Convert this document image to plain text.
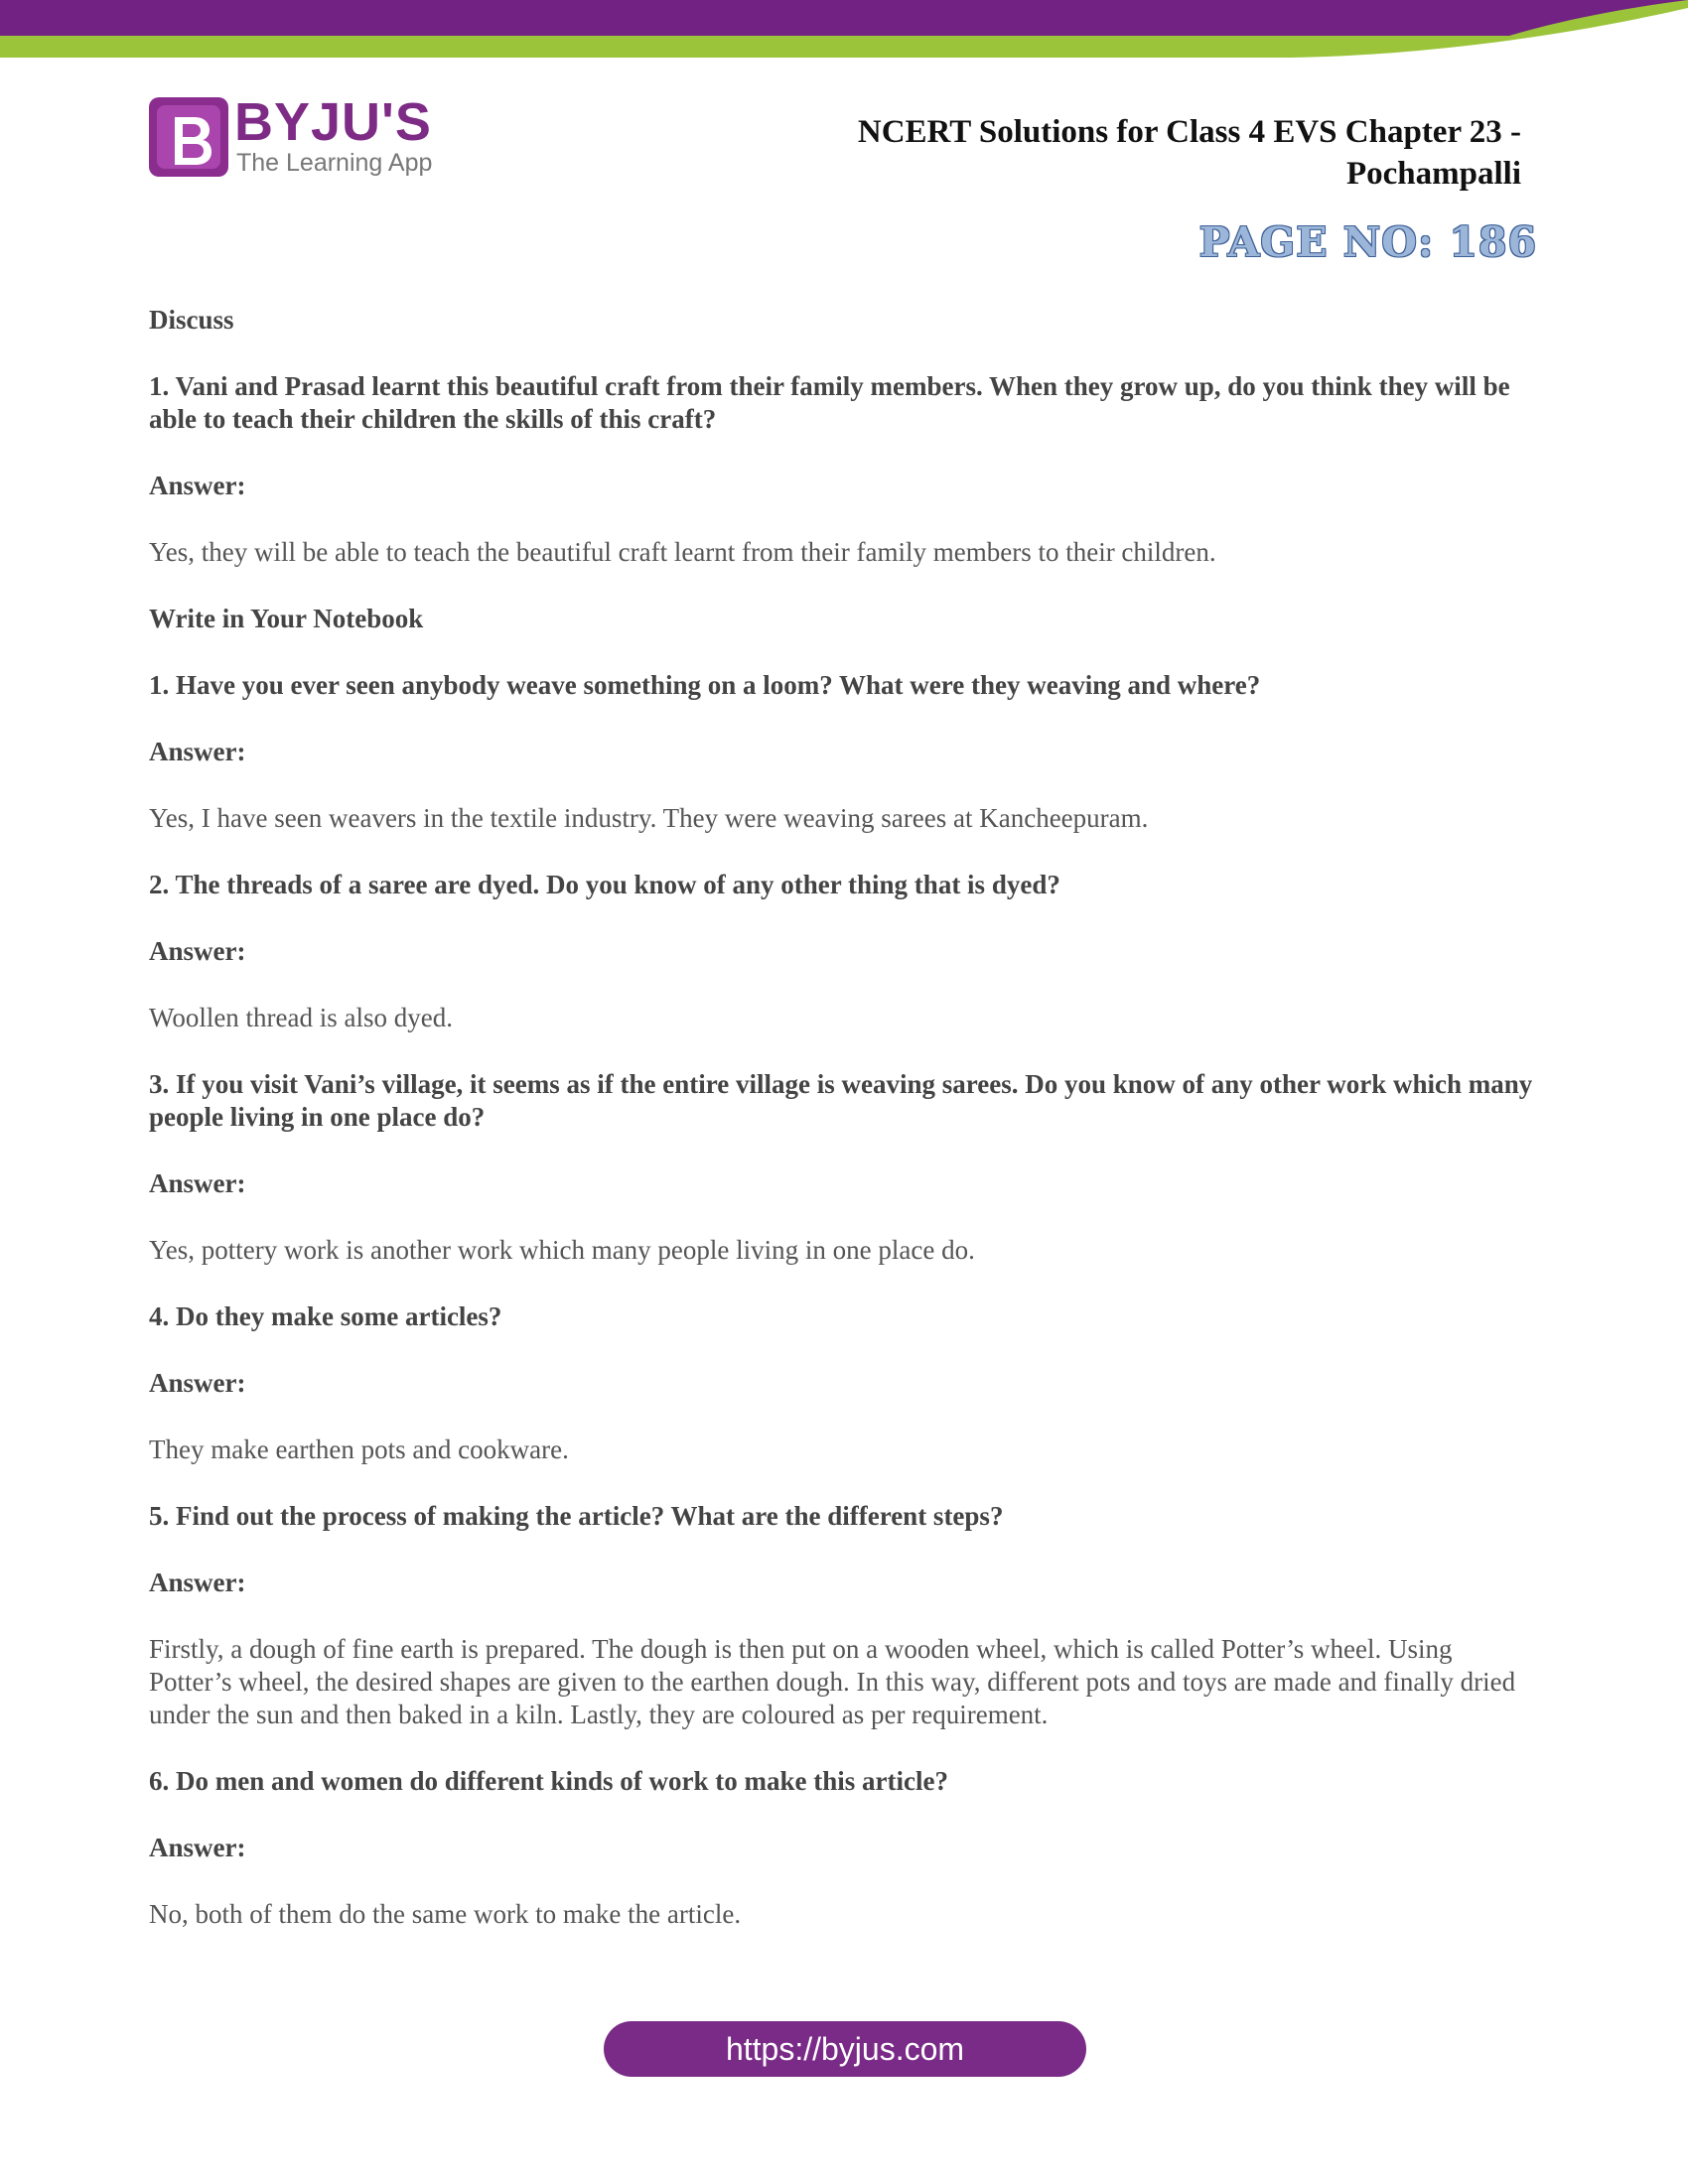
BYJU'S
The Learning App
NCERT Solutions for Class 4 EVS Chapter 23 -
Pochampalli
PAGE NO: 186

Discuss

1. Vani and Prasad learnt this beautiful craft from their family members. When they grow up, do you think they will be able to teach their children the skills of this craft?

Answer:

Yes, they will be able to teach the beautiful craft learnt from their family members to their children.

Write in Your Notebook

1. Have you ever seen anybody weave something on a loom? What were they weaving and where?

Answer:

Yes, I have seen weavers in the textile industry. They were weaving sarees at Kancheepuram.

2. The threads of a saree are dyed. Do you know of any other thing that is dyed?

Answer:

Woollen thread is also dyed.

3. If you visit Vani’s village, it seems as if the entire village is weaving sarees. Do you know of any other work which many people living in one place do?

Answer:

Yes, pottery work is another work which many people living in one place do.

4. Do they make some articles?

Answer:

They make earthen pots and cookware.

5. Find out the process of making the article? What are the different steps?

Answer:

Firstly, a dough of fine earth is prepared. The dough is then put on a wooden wheel, which is called Potter’s wheel. Using Potter’s wheel, the desired shapes are given to the earthen dough. In this way, different pots and toys are made and finally dried under the sun and then baked in a kiln. Lastly, they are coloured as per requirement.

6. Do men and women do different kinds of work to make this article?

Answer:

No, both of them do the same work to make the article.

https://byjus.com
